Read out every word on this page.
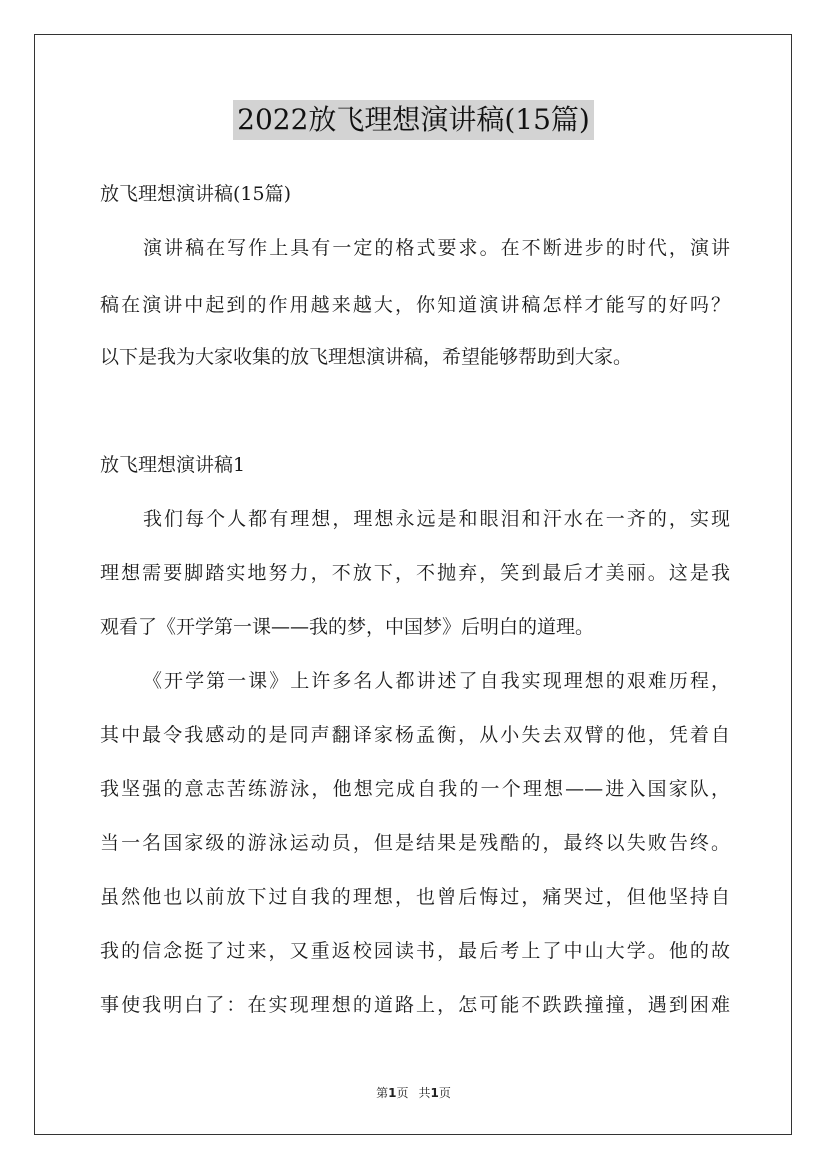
2022放飞理想演讲稿(15篇)
放飞理想演讲稿(15篇)
演讲稿在写作上具有一定的格式要求。在不断进步的时代，演讲
稿在演讲中起到的作用越来越大，你知道演讲稿怎样才能写的好吗？
以下是我为大家收集的放飞理想演讲稿，希望能够帮助到大家。
放飞理想演讲稿1
我们每个人都有理想，理想永远是和眼泪和汗水在一齐的，实现
理想需要脚踏实地努力，不放下，不抛弃，笑到最后才美丽。这是我
观看了《开学第一课——我的梦，中国梦》后明白的道理。
《开学第一课》上许多名人都讲述了自我实现理想的艰难历程，
其中最令我感动的是同声翻译家杨孟衡，从小失去双臂的他，凭着自
我坚强的意志苦练游泳，他想完成自我的一个理想——进入国家队，
当一名国家级的游泳运动员，但是结果是残酷的，最终以失败告终。
虽然他也以前放下过自我的理想，也曾后悔过，痛哭过，但他坚持自
我的信念挺了过来，又重返校园读书，最后考上了中山大学。他的故
事使我明白了：在实现理想的道路上，怎可能不跌跌撞撞，遇到困难
第1页 共1页
